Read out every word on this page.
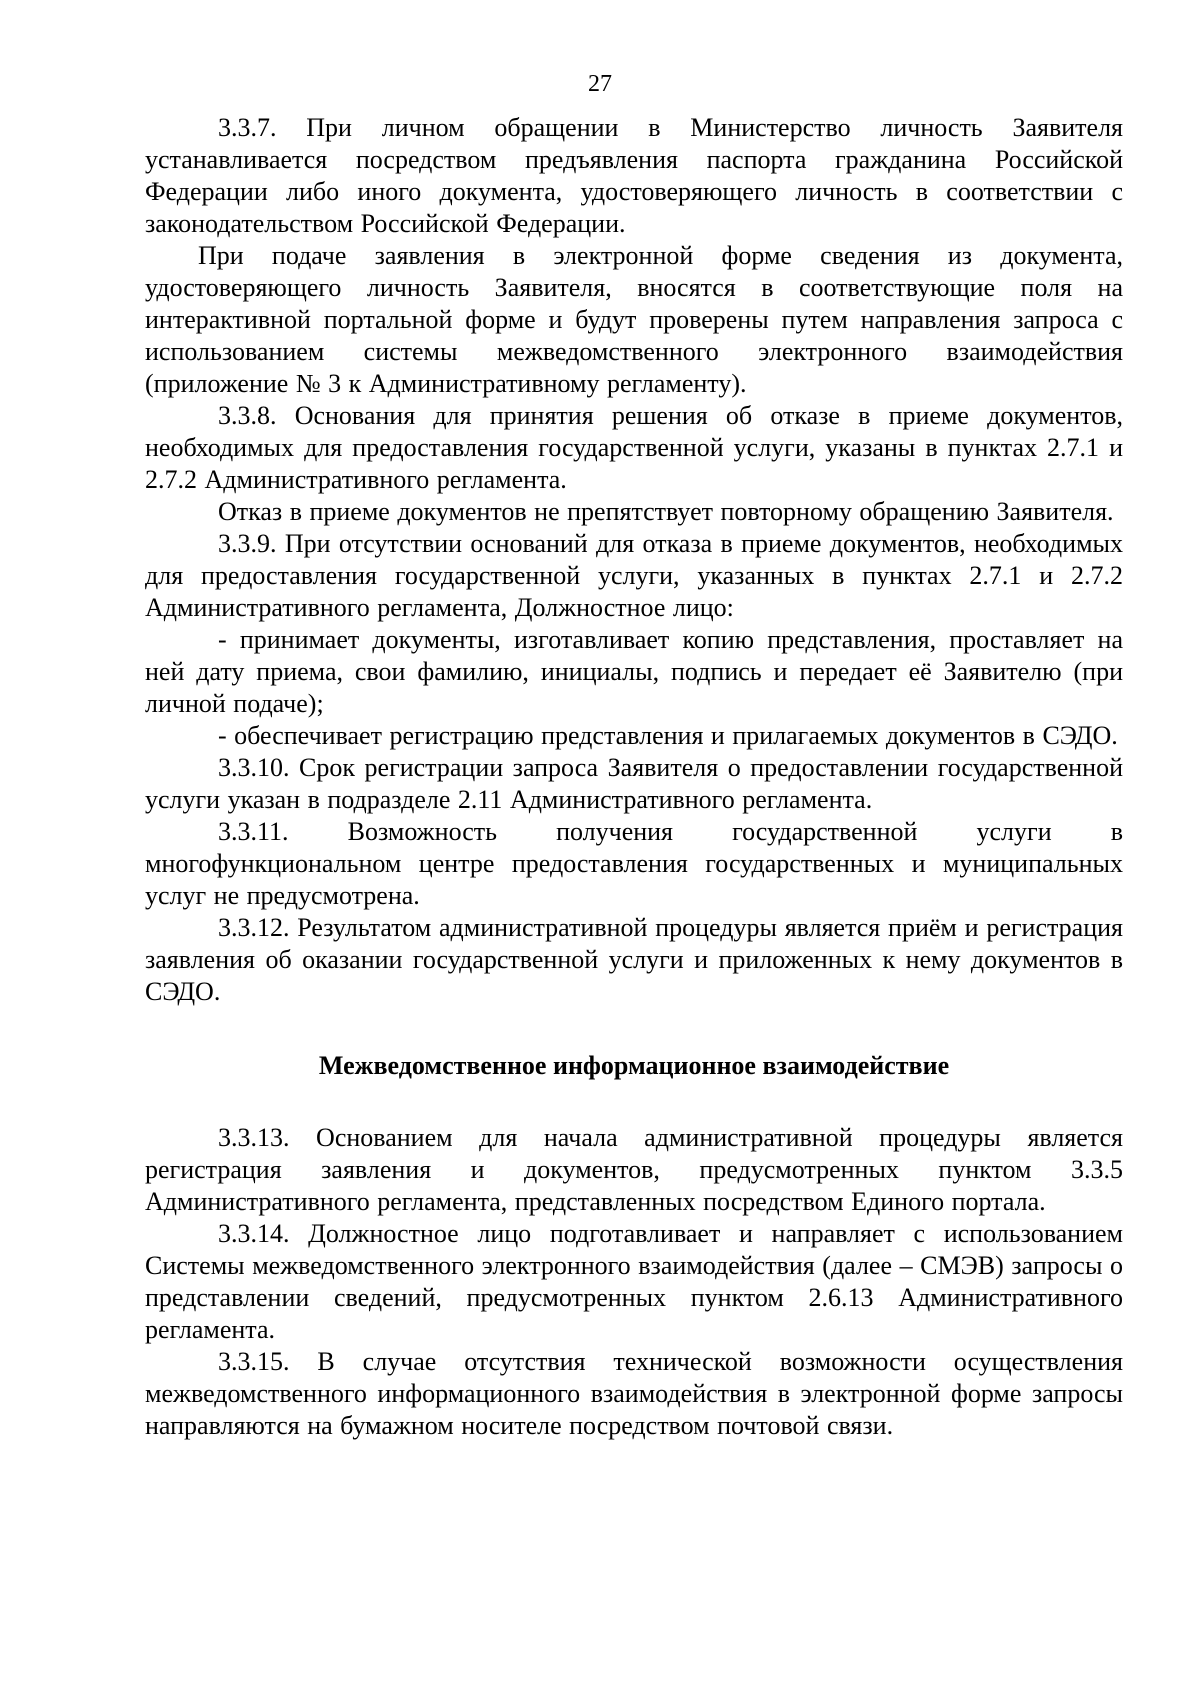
27

3.3.7. При личном обращении в Министерство личность Заявителя устанавливается посредством предъявления паспорта гражданина Российской Федерации либо иного документа, удостоверяющего личность в соответствии с законодательством Российской Федерации.

При подаче заявления в электронной форме сведения из документа, удостоверяющего личность Заявителя, вносятся в соответствующие поля на интерактивной портальной форме и будут проверены путем направления запроса с использованием системы межведомственного электронного взаимодействия (приложение № 3 к Административному регламенту).

3.3.8. Основания для принятия решения об отказе в приеме документов, необходимых для предоставления государственной услуги, указаны в пунктах 2.7.1 и 2.7.2 Административного регламента.

Отказ в приеме документов не препятствует повторному обращению Заявителя.

3.3.9. При отсутствии оснований для отказа в приеме документов, необходимых для предоставления государственной услуги, указанных в пунктах 2.7.1 и 2.7.2 Административного регламента, Должностное лицо:

- принимает документы, изготавливает копию представления, проставляет на ней дату приема, свои фамилию, инициалы, подпись и передает её Заявителю (при личной подаче);

- обеспечивает регистрацию представления и прилагаемых документов в СЭДО.

3.3.10. Срок регистрации запроса Заявителя о предоставлении государственной услуги указан в подразделе 2.11 Административного регламента.

3.3.11. Возможность получения государственной услуги в многофункциональном центре предоставления государственных и муниципальных услуг не предусмотрена.

3.3.12. Результатом административной процедуры является приём и регистрация заявления об оказании государственной услуги и приложенных к нему документов в СЭДО.

Межведомственное информационное взаимодействие

3.3.13. Основанием для начала административной процедуры является регистрация заявления и документов, предусмотренных пунктом 3.3.5 Административного регламента, представленных посредством Единого портала.

3.3.14. Должностное лицо подготавливает и направляет с использованием Системы межведомственного электронного взаимодействия (далее – СМЭВ) запросы о представлении сведений, предусмотренных пунктом 2.6.13 Административного регламента.

3.3.15. В случае отсутствия технической возможности осуществления межведомственного информационного взаимодействия в электронной форме запросы направляются на бумажном носителе посредством почтовой связи.
